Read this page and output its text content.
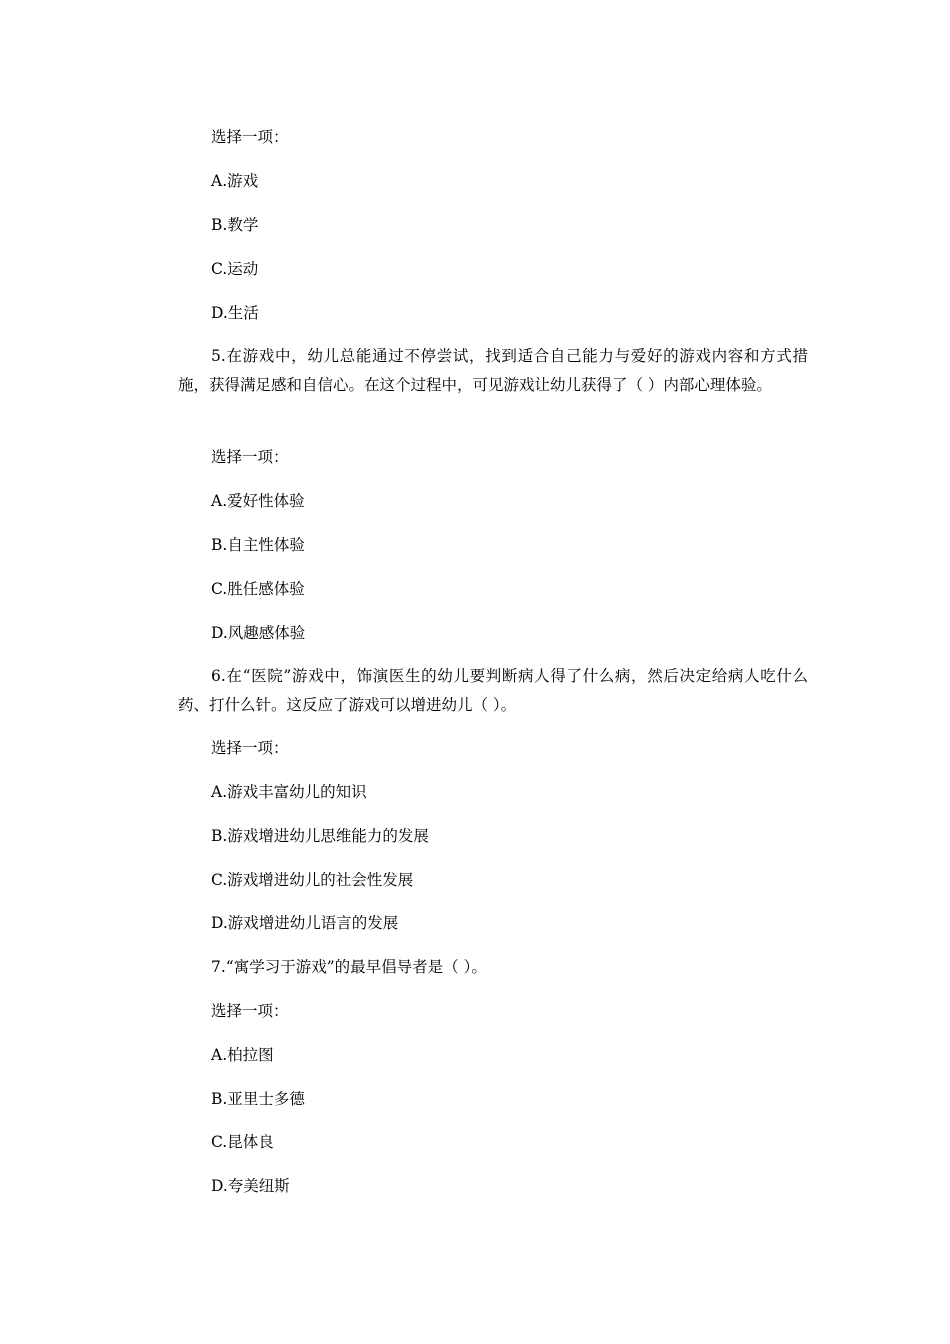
选择一项：
A.游戏
B.教学
C.运动
D.生活
5.在游戏中，幼儿总能通过不停尝试，找到适合自己能力与爱好的游戏内容和方式措施，获得满足感和自信心。在这个过程中，可见游戏让幼儿获得了（ ）内部心理体验。
选择一项：
A.爱好性体验
B.自主性体验
C.胜任感体验
D.风趣感体验
6.在“医院”游戏中，饰演医生的幼儿要判断病人得了什么病，然后决定给病人吃什么药、打什么针。这反应了游戏可以增进幼儿（ ）。
选择一项：
A.游戏丰富幼儿的知识
B.游戏增进幼儿思维能力的发展
C.游戏增进幼儿的社会性发展
D.游戏增进幼儿语言的发展
7.“寓学习于游戏”的最早倡导者是（ ）。
选择一项：
A.柏拉图
B.亚里士多德
C.昆体良
D.夸美纽斯
